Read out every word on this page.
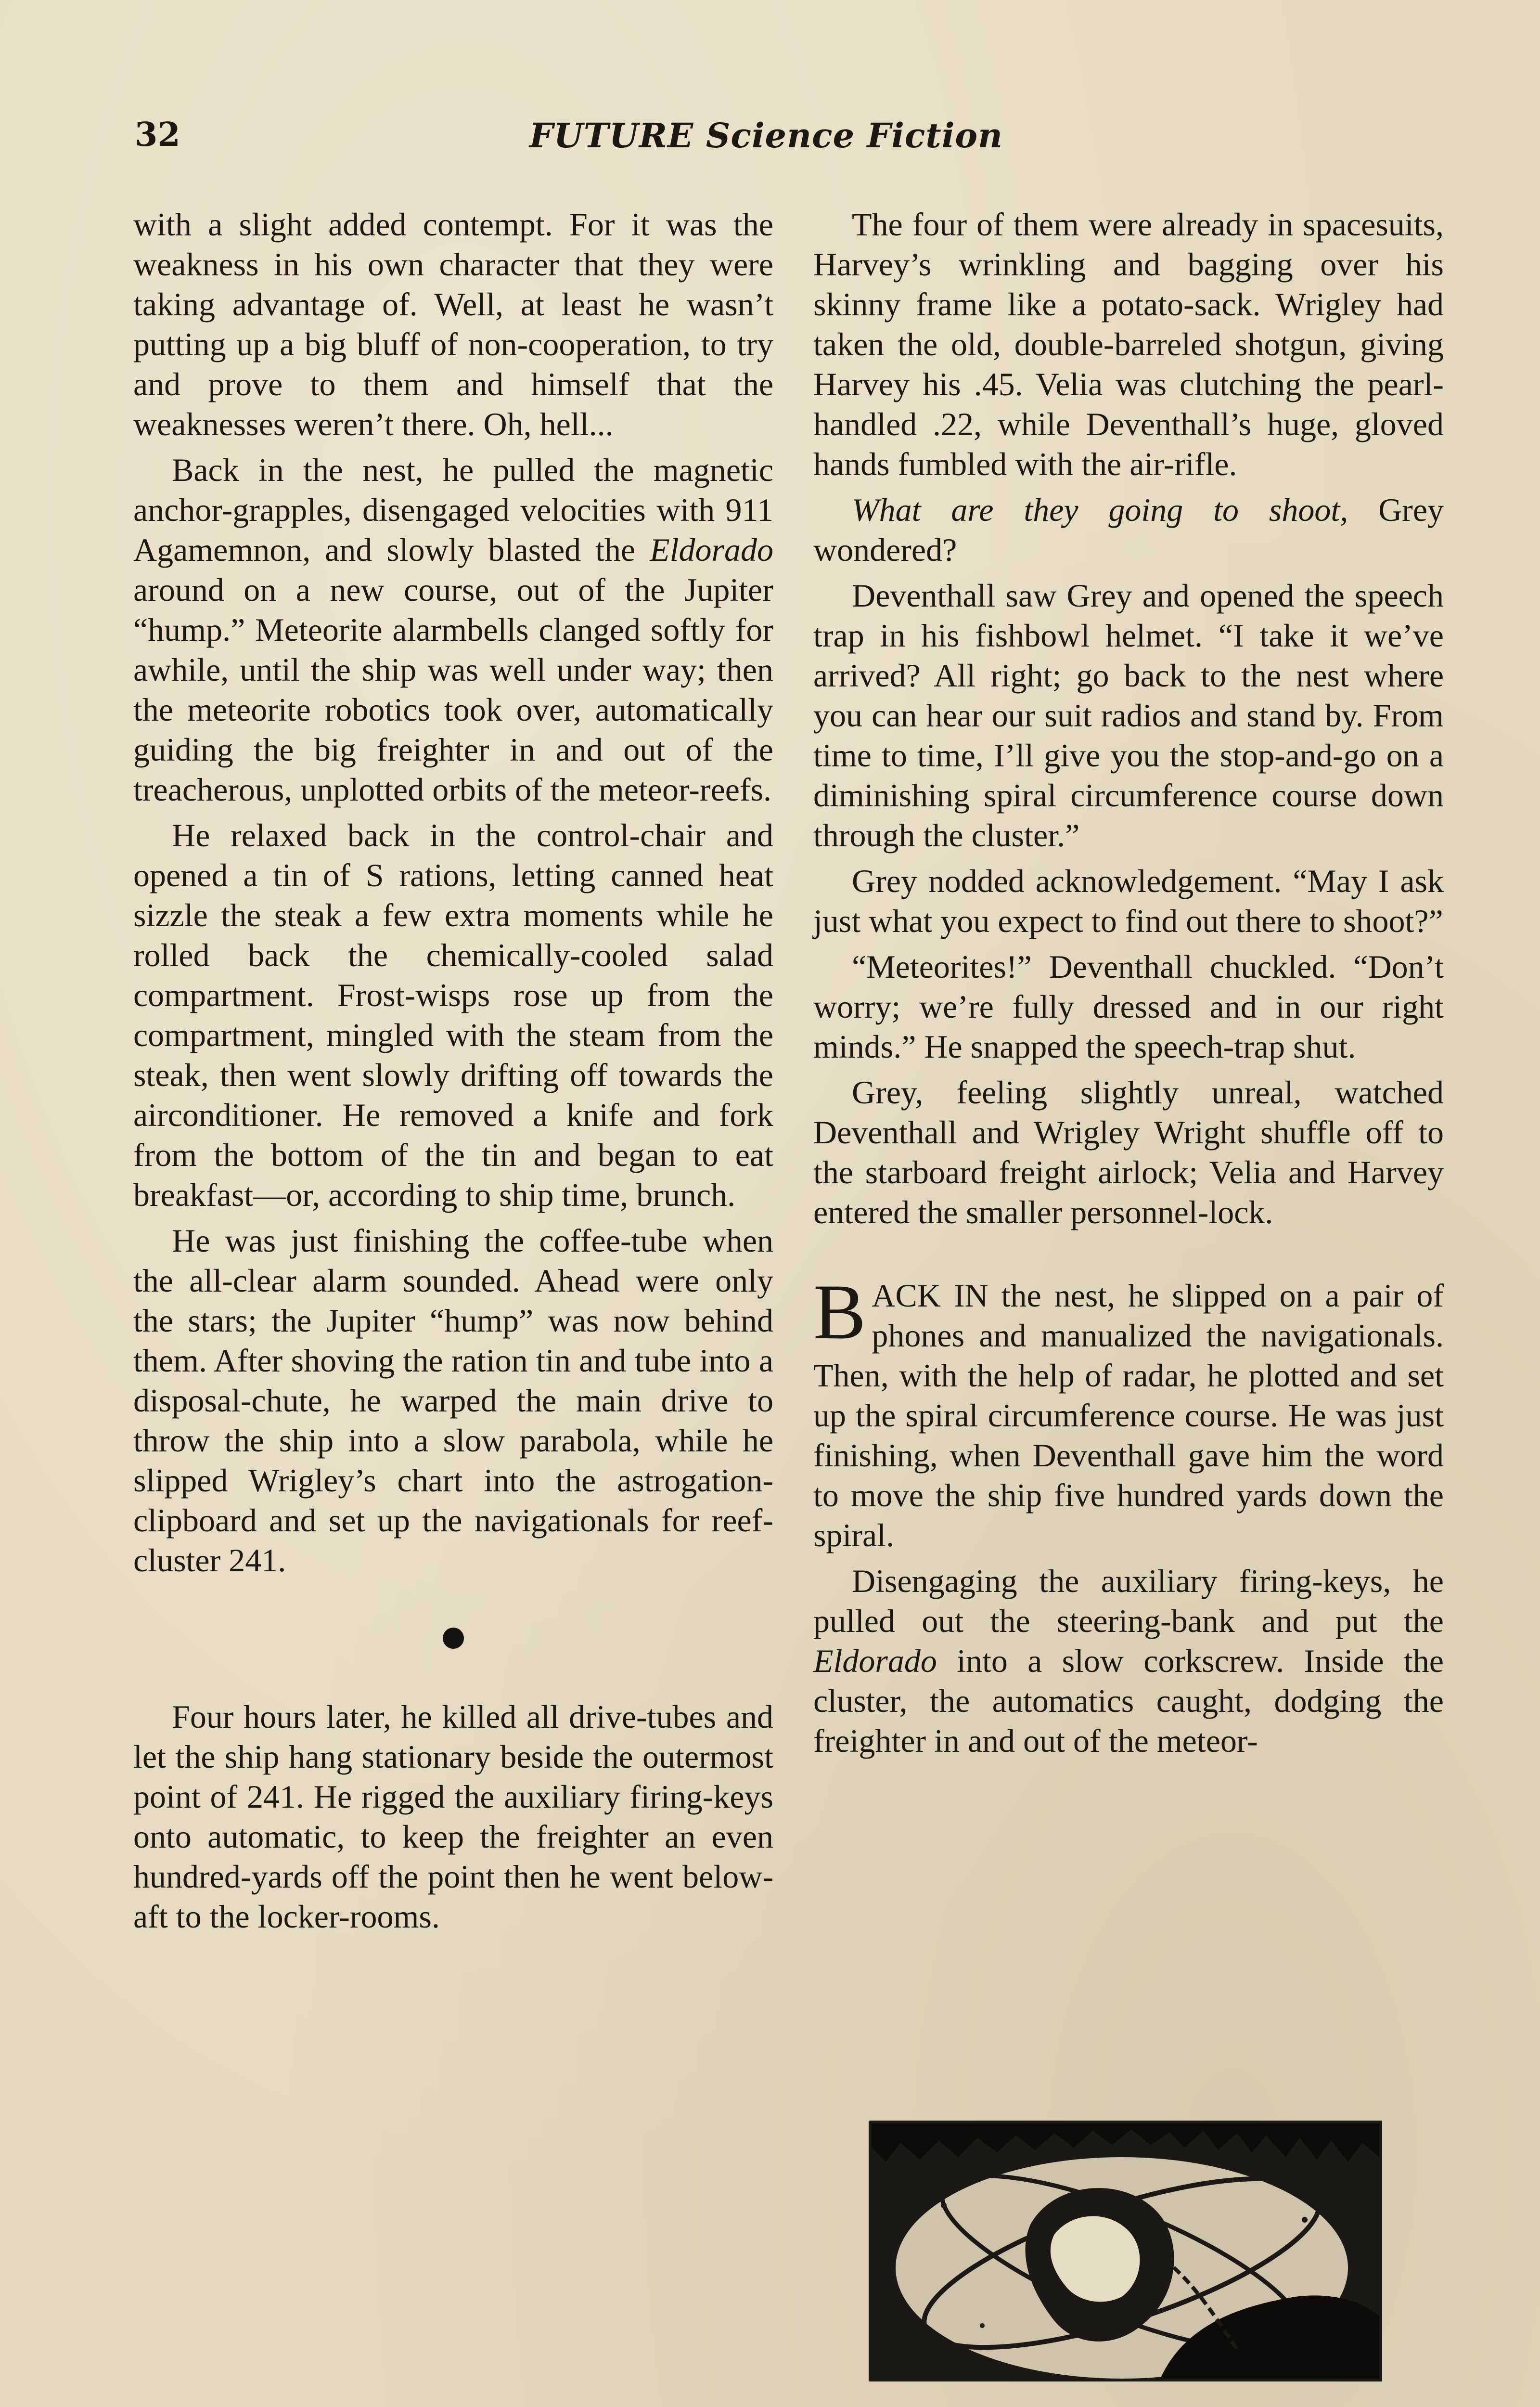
32	FUTURE Science Fiction

with a slight added contempt. For it was the weakness in his own character that they were taking advantage of. Well, at least he wasn’t putting up a big bluff of non-cooperation, to try and prove to them and himself that the weaknesses weren’t there. Oh, hell...

Back in the nest, he pulled the magnetic anchor-grapples, disengaged velocities with 911 Agamemnon, and slowly blasted the Eldorado around on a new course, out of the Jupiter “hump.” Meteorite alarmbells clanged softly for awhile, until the ship was well under way; then the meteorite robotics took over, automatically guiding the big freighter in and out of the treacherous, unplotted orbits of the meteor-reefs.

He relaxed back in the control-chair and opened a tin of S rations, letting canned heat sizzle the steak a few extra moments while he rolled back the chemically-cooled salad compartment. Frost-wisps rose up from the compartment, mingled with the steam from the steak, then went slowly drifting off towards the airconditioner. He removed a knife and fork from the bottom of the tin and began to eat breakfast—or, according to ship time, brunch.

He was just finishing the coffee-tube when the all-clear alarm sounded. Ahead were only the stars; the Jupiter “hump” was now behind them. After shoving the ration tin and tube into a disposal-chute, he warped the main drive to throw the ship into a slow parabola, while he slipped Wrigley’s chart into the astrogation-clipboard and set up the navigationals for reef-cluster 241.

Four hours later, he killed all drive-tubes and let the ship hang stationary beside the outermost point of 241. He rigged the auxiliary firing-keys onto automatic, to keep the freighter an even hundred-yards off the point then he went below-aft to the locker-rooms.

The four of them were already in spacesuits, Harvey’s wrinkling and bagging over his skinny frame like a potato-sack. Wrigley had taken the old, double-barreled shotgun, giving Harvey his .45. Velia was clutching the pearl-handled .22, while Deventhall’s huge, gloved hands fumbled with the air-rifle.

What are they going to shoot, Grey wondered?

Deventhall saw Grey and opened the speech trap in his fishbowl helmet. “I take it we’ve arrived? All right; go back to the nest where you can hear our suit radios and stand by. From time to time, I’ll give you the stop-and-go on a diminishing spiral circumference course down through the cluster.”

Grey nodded acknowledgement. “May I ask just what you expect to find out there to shoot?”

“Meteorites!” Deventhall chuckled. “Don’t worry; we’re fully dressed and in our right minds.” He snapped the speech-trap shut.

Grey, feeling slightly unreal, watched Deventhall and Wrigley Wright shuffle off to the starboard freight airlock; Velia and Harvey entered the smaller personnel-lock.

BACK IN the nest, he slipped on a pair of phones and manualized the navigationals. Then, with the help of radar, he plotted and set up the spiral circumference course. He was just finishing, when Deventhall gave him the word to move the ship five hundred yards down the spiral.

Disengaging the auxiliary firing-keys, he pulled out the steering-bank and put the Eldorado into a slow corkscrew. Inside the cluster, the automatics caught, dodging the freighter in and out of the meteor-
